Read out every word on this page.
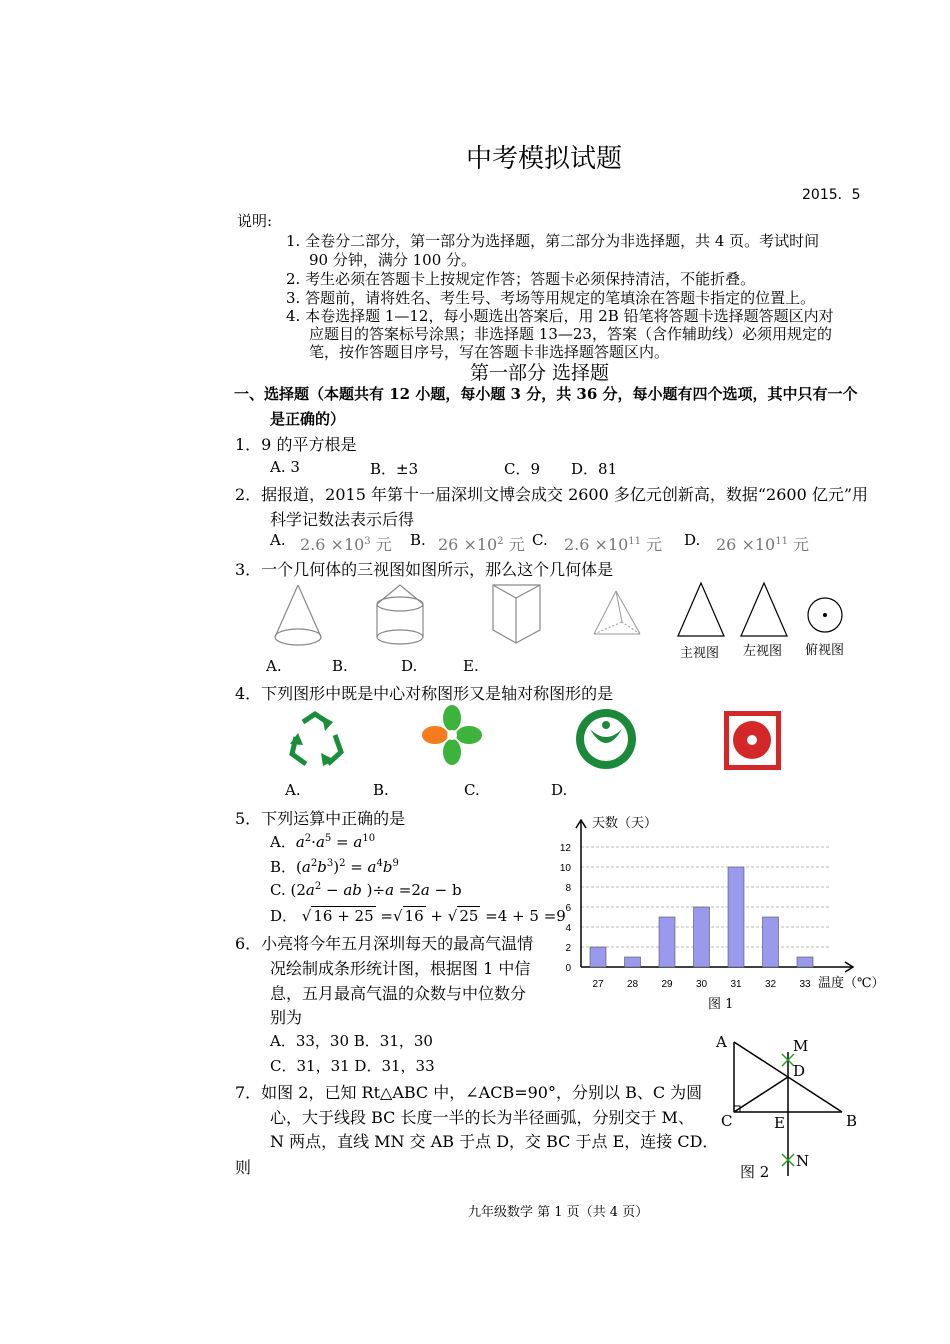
中考模拟试题
2015．5
说明:
1. 全卷分二部分，第一部分为选择题，第二部分为非选择题，共 4 页。考试时间
90 分钟，满分 100 分。
2. 考生必须在答题卡上按规定作答；答题卡必须保持清洁，不能折叠。
3. 答题前，请将姓名、考生号、考场等用规定的笔填涂在答题卡指定的位置上。
4. 本卷选择题 1—12，每小题选出答案后，用 2B 铅笔将答题卡选择题答题区内对
应题目的答案标号涂黑；非选择题 13—23，答案（含作辅助线）必须用规定的
笔，按作答题目序号，写在答题卡非选择题答题区内。
第一部分 选择题
一、选择题（本题共有 12 小题，每小题 3 分，共 36 分，每小题有四个选项，其中只有一个
是正确的）
1．9 的平方根是
A. 3	B．±3	C．9 D．81
2．据报道，2015 年第十一届深圳文博会成交 2600 多亿元创新高，数据“2600 亿元”用
科学记数法表示后得
A. $2.6 \times 10^3$ 元 B. $26 \times 10^2$ 元 C. $2.6 \times 10^{11}$ 元 D. $26 \times 10^{11}$ 元
3．一个几何体的三视图如图所示，那么这个几何体是
主视图 左视图 俯视图
A.	B.	D.	E.
4．下列图形中既是中心对称图形又是轴对称图形的是
A.	B.	C.	D.
5．下列运算中正确的是
A．$a^2\cdot a^5 = a^{10}$
B．$(a^2b^3)^2 = a^4b^9$
C. ($2a^2$ − ab )÷a =2a − b
D． √ 16 + 25 =√ 16 + √ 25 =4 + 5 =9
0
2
4
6
8
10
12
27 28 29 30 31 32 33
天数（天）
温度（℃）
图 1
6．小亮将今年五月深圳每天的最高气温情
况绘制成条形统计图，根据图 1 中信
息，五月最高气温的众数与中位数分
别为
A．33，30 B．31，30
C．31，31 D．31，33
7．如图 2，已知 Rt△ABC 中，∠ACB=90°，分别以 B、C 为圆
心，大于线段 BC 长度一半的长为半径画弧，分别交于 M、
N 两点，直线 MN 交 AB 于点 D，交 BC 于点 E，连接 CD．
则
A	M
D
C	E	B
N
图 2
九年级数学 第 1 页（共 4 页）
